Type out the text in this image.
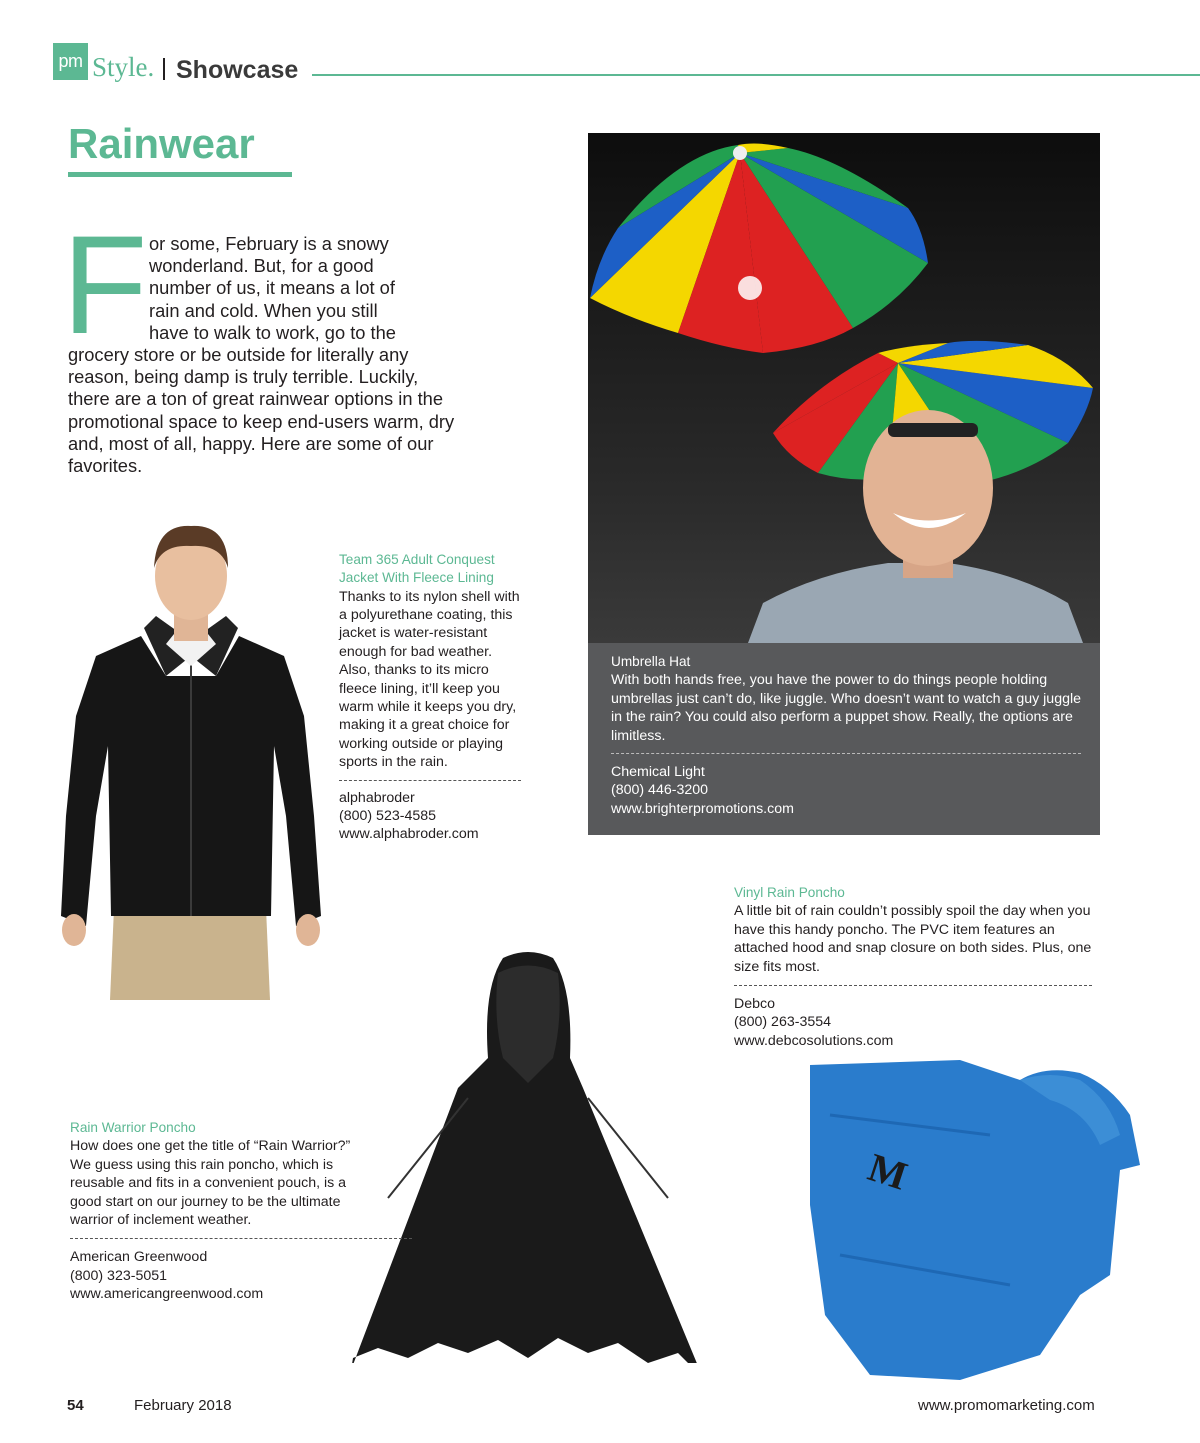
pm Style. Showcase
Rainwear
F or some, February is a snowy
wonderland. But, for a good
number of us, it means a lot of
rain and cold. When you still
have to walk to work, go to the
grocery store or be outside for literally any reason, being damp is truly terrible. Luckily, there are a ton of great rainwear options in the promotional space to keep end-users warm, dry and, most of all, happy. Here are some of our favorites.
Team 365 Adult Conquest Jacket With Fleece Lining
Thanks to its nylon shell with a polyurethane coating, this jacket is water-resistant enough for bad weather. Also, thanks to its micro fleece lining, it’ll keep you warm while it keeps you dry, making it a great choice for working outside or playing sports in the rain.
alphabroder
(800) 523-4585
www.alphabroder.com
Umbrella Hat
With both hands free, you have the power to do things people holding umbrellas just can’t do, like juggle. Who doesn’t want to watch a guy juggle in the rain? You could also perform a puppet show. Really, the options are limitless.
Chemical Light
(800) 446-3200
www.brighterpromotions.com
Vinyl Rain Poncho
A little bit of rain couldn’t possibly spoil the day when you have this handy poncho. The PVC item features an attached hood and snap closure on both sides. Plus, one size fits most.
Debco
(800) 263-3554
www.debcosolutions.com
M
Rain Warrior Poncho
How does one get the title of “Rain Warrior?” We guess using this rain poncho, which is reusable and fits in a convenient pouch, is a good start on our journey to be the ultimate warrior of inclement weather.
American Greenwood
(800) 323-5051
www.americangreenwood.com
54	February 2018	www.promomarketing.com
